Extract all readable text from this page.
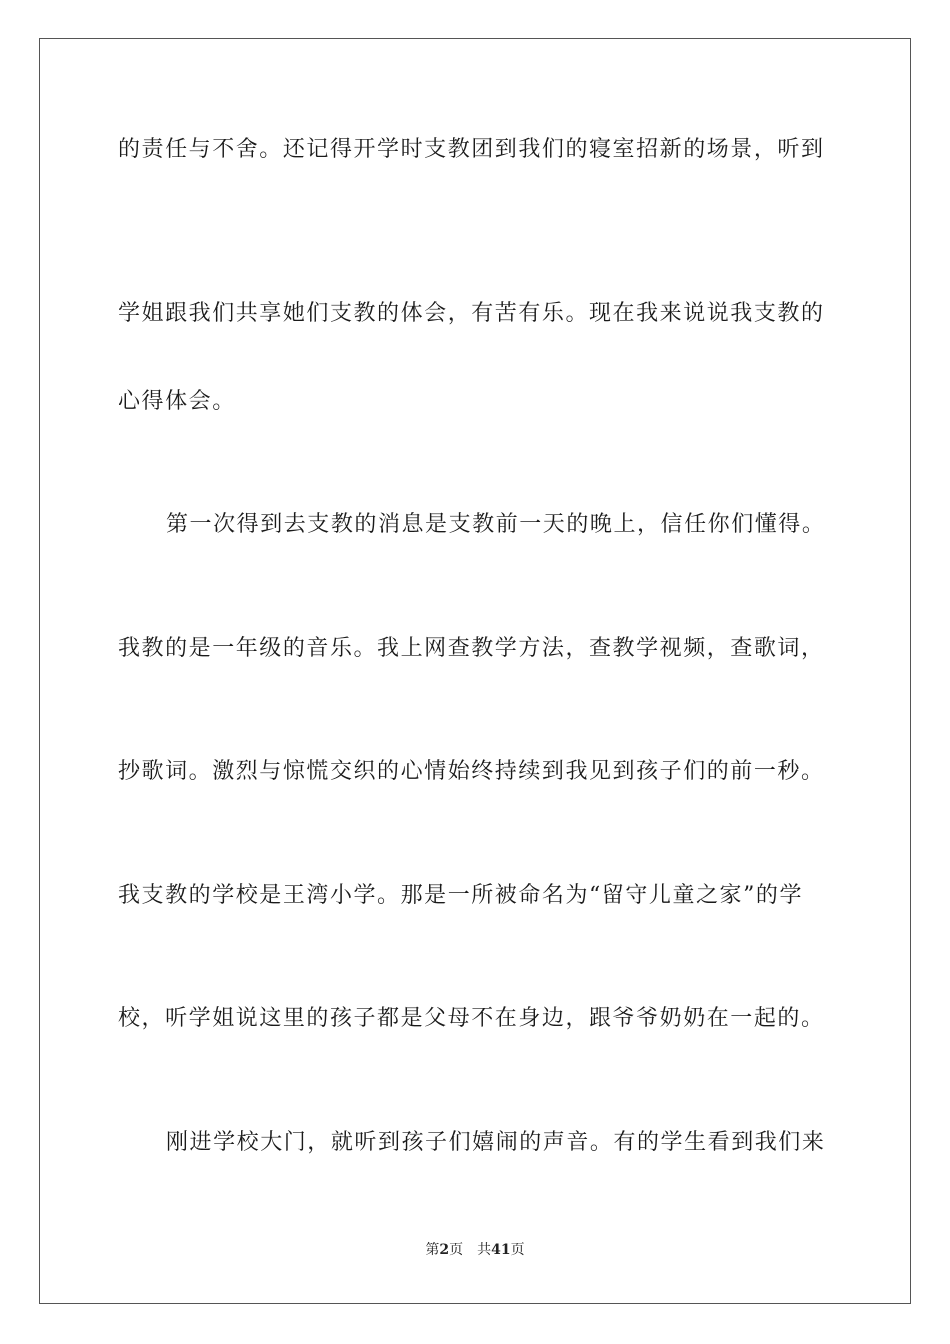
的责任与不舍。还记得开学时支教团到我们的寝室招新的场景，听到
学姐跟我们共享她们支教的体会，有苦有乐。现在我来说说我支教的
心得体会。
第一次得到去支教的消息是支教前一天的晚上，信任你们懂得。
我教的是一年级的音乐。我上网查教学方法，查教学视频，查歌词，
抄歌词。激烈与惊慌交织的心情始终持续到我见到孩子们的前一秒。
我支教的学校是王湾小学。那是一所被命名为“留守儿童之家”的学
校，听学姐说这里的孩子都是父母不在身边，跟爷爷奶奶在一起的。
刚进学校大门，就听到孩子们嬉闹的声音。有的学生看到我们来
第2页 共41页
